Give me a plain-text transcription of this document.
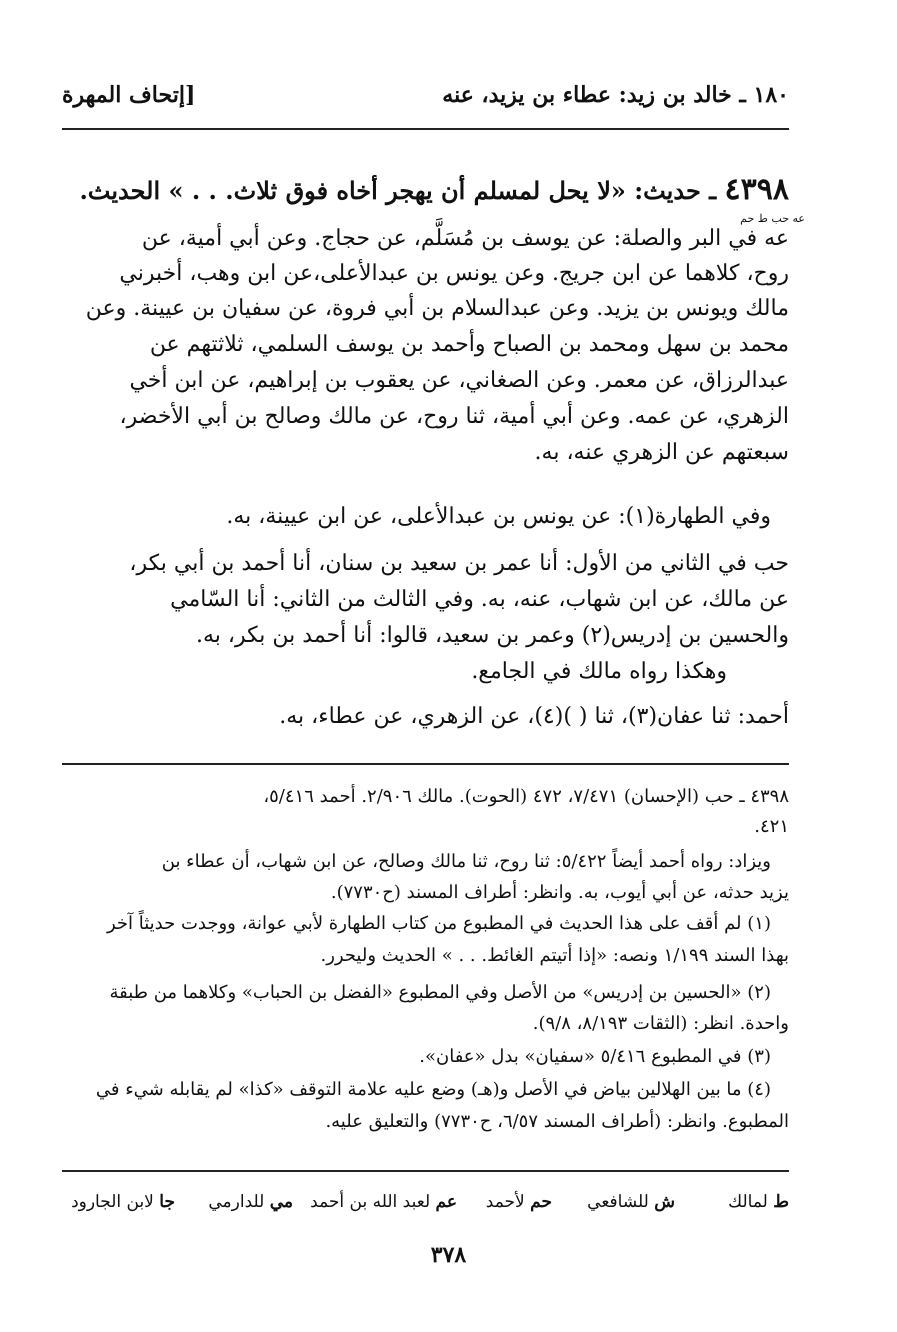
١٨٠ ـ خالد بن زيد: عطاء بن يزيد، عنه
[إتحاف المهرة
٤٣٩٨ ـ حديث: «لا يحل لمسلم أن يهجر أخاه فوق ثلاث. . . » الحديث.
عه حب ط حم
عه في البر والصلة: عن يوسف بن مُسَلَّم، عن حجاج. وعن أبي أمية، عن
روح، كلاهما عن ابن جريج. وعن يونس بن عبدالأعلى،عن ابن وهب، أخبرني
مالك ويونس بن يزيد. وعن عبدالسلام بن أبي فروة، عن سفيان بن عيينة. وعن
محمد بن سهل ومحمد بن الصباح وأحمد بن يوسف السلمي، ثلاثتهم عن
عبدالرزاق، عن معمر. وعن الصغاني، عن يعقوب بن إبراهيم، عن ابن أخي
الزهري، عن عمه. وعن أبي أمية، ثنا روح، عن مالك وصالح بن أبي الأخضر،
سبعتهم عن الزهري عنه، به.
وفي الطهارة(١): عن يونس بن عبدالأعلى، عن ابن عيينة، به.
حب في الثاني من الأول: أنا عمر بن سعيد بن سنان، أنا أحمد بن أبي بكر،
عن مالك، عن ابن شهاب، عنه، به. وفي الثالث من الثاني: أنا السّامي
والحسين بن إدريس(٢) وعمر بن سعيد، قالوا: أنا أحمد بن بكر، به.
وهكذا رواه مالك في الجامع.
أحمد: ثنا عفان(٣)، ثنا ( )(٤)، عن الزهري، عن عطاء، به.
٤٣٩٨ ـ حب (الإحسان) ٧/٤٧١، ٤٧٢ (الحوت). مالك ٢/٩٠٦. أحمد ٥/٤١٦،
٤٢١.
ويزاد: رواه أحمد أيضاً ٥/٤٢٢: ثنا روح، ثنا مالك وصالح، عن ابن شهاب، أن عطاء بن
يزيد حدثه، عن أبي أيوب، به. وانظر: أطراف المسند (ح٧٧٣٠).
(١) لم أقف على هذا الحديث في المطبوع من كتاب الطهارة لأبي عوانة، ووجدت حديثاً آخر
بهذا السند ١/١٩٩ ونصه: «إذا أتيتم الغائط. . . » الحديث وليحرر.
(٢) «الحسين بن إدريس» من الأصل وفي المطبوع «الفضل بن الحباب» وكلاهما من طبقة
واحدة. انظر: (الثقات ٨/١٩٣، ٩/٨).
(٣) في المطبوع ٥/٤١٦ «سفيان» بدل «عفان».
(٤) ما بين الهلالين بياض في الأصل و(هـ) وضع عليه علامة التوقف «كذا» لم يقابله شيء في
المطبوع. وانظر: (أطراف المسند ٦/٥٧، ح٧٧٣٠) والتعليق عليه.
ط لمالك
ش للشافعي
حم لأحمد
عم لعبد الله بن أحمد
مي للدارمي
جا لابن الجارود
٣٧٨
